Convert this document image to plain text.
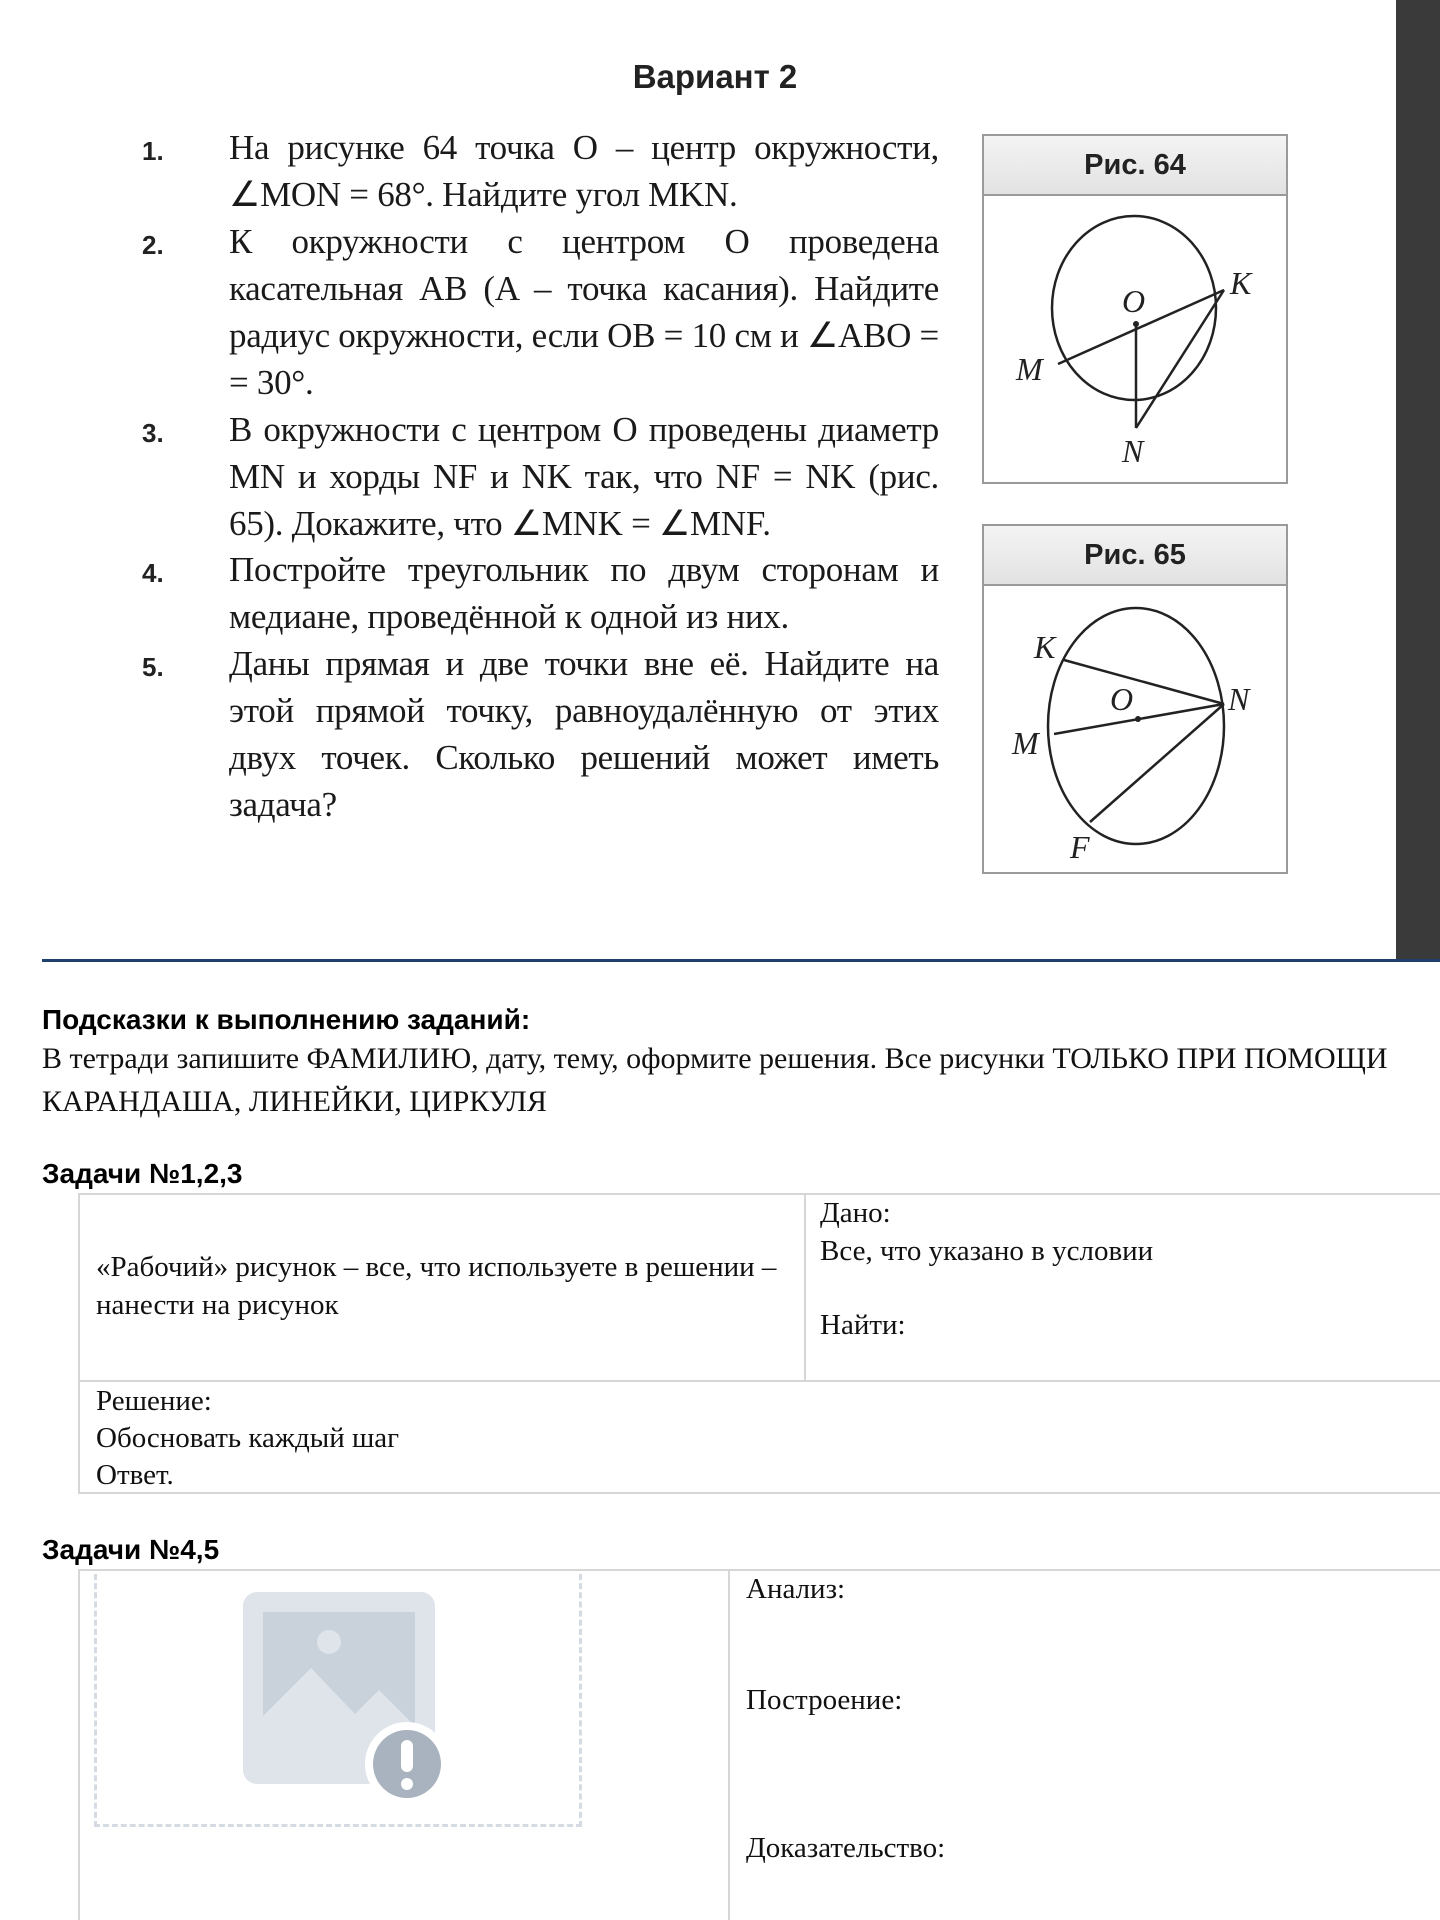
Вариант 2
1. На рисунке 64 точка O – центр окружности, ∠MON = 68°. Найдите угол MKN.
2. К окружности с центром O проведена касательная AB (A – точка касания). Найдите радиус окружности, если OB = 10 см и ∠ABO = = 30°.
3. В окружности с центром O проведены диаметр MN и хорды NF и NK так, что NF = NK (рис. 65). Докажите, что ∠MNK = ∠MNF.
4. Постройте треугольник по двум сторонам и медиане, проведённой к одной из них.
5. Даны прямая и две точки вне её. Найдите на этой прямой точку, равноудалённую от этих двух точек. Сколько решений может иметь задача?
Рис. 64
O	K
M
N
Рис. 65
K
O	N
M
F
Подсказки к выполнению заданий:
В тетради запишите ФАМИЛИЮ, дату, тему, оформите решения. Все рисунки ТОЛЬКО ПРИ ПОМОЩИ КАРАНДАША, ЛИНЕЙКИ, ЦИРКУЛЯ
Задачи №1,2,3
«Рабочий» рисунок – все, что используете в решении – нанести на рисунок
Дано:
Все, что указано в условии
Найти:
Решение:
Обосновать каждый шаг
Ответ.
Задачи №4,5
Анализ:
Построение:
Доказательство:
